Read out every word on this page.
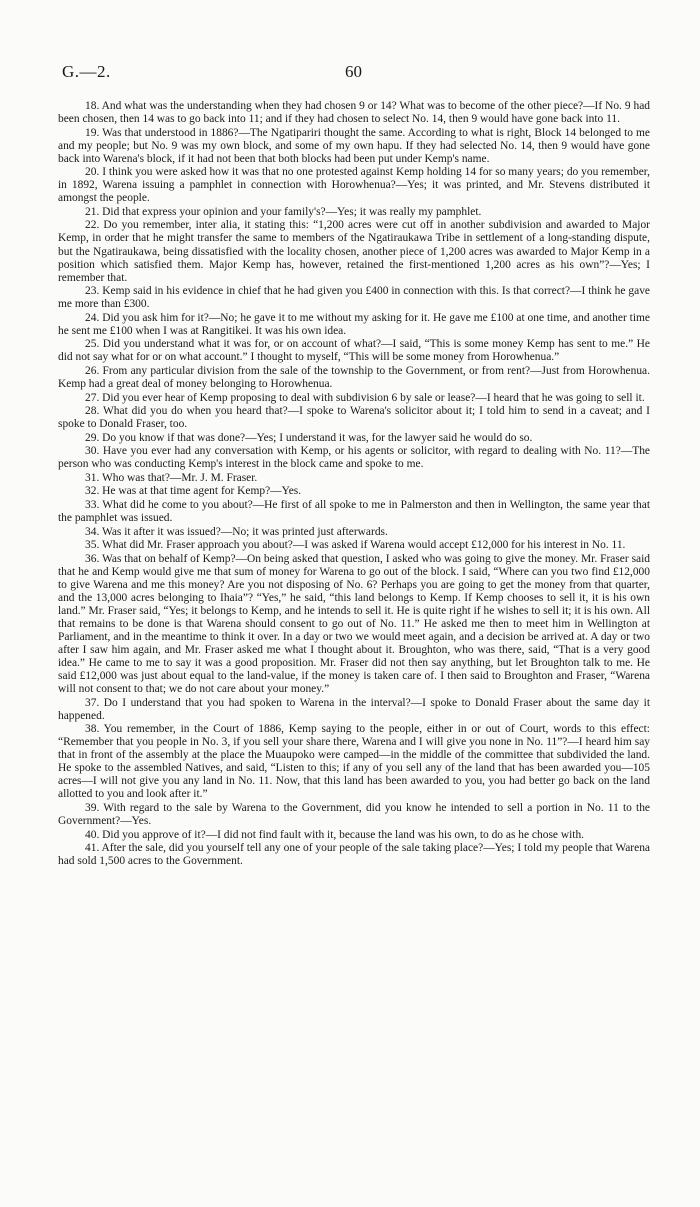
G.—2.	60

18. And what was the understanding when they had chosen 9 or 14? What was to become of the other piece?—If No. 9 had been chosen, then 14 was to go back into 11; and if they had chosen to select No. 14, then 9 would have gone back into 11.

19. Was that understood in 1886?—The Ngatipariri thought the same. According to what is right, Block 14 belonged to me and my people; but No. 9 was my own block, and some of my own hapu. If they had selected No. 14, then 9 would have gone back into Warena's block, if it had not been that both blocks had been put under Kemp's name.

20. I think you were asked how it was that no one protested against Kemp holding 14 for so many years; do you remember, in 1892, Warena issuing a pamphlet in connection with Horowhenua?—Yes; it was printed, and Mr. Stevens distributed it amongst the people.

21. Did that express your opinion and your family's?—Yes; it was really my pamphlet.

22. Do you remember, inter alia, it stating this: “1,200 acres were cut off in another subdivision and awarded to Major Kemp, in order that he might transfer the same to members of the Ngatiraukawa Tribe in settlement of a long-standing dispute, but the Ngatiraukawa, being dissatisfied with the locality chosen, another piece of 1,200 acres was awarded to Major Kemp in a position which satisfied them. Major Kemp has, however, retained the first-mentioned 1,200 acres as his own”?—Yes; I remember that.

23. Kemp said in his evidence in chief that he had given you £400 in connection with this. Is that correct?—I think he gave me more than £300.

24. Did you ask him for it?—No; he gave it to me without my asking for it. He gave me £100 at one time, and another time he sent me £100 when I was at Rangitikei. It was his own idea.

25. Did you understand what it was for, or on account of what?—I said, “This is some money Kemp has sent to me.” He did not say what for or on what account.” I thought to myself, “This will be some money from Horowhenua.”

26. From any particular division from the sale of the township to the Government, or from rent?—Just from Horowhenua. Kemp had a great deal of money belonging to Horowhenua.

27. Did you ever hear of Kemp proposing to deal with subdivision 6 by sale or lease?—I heard that he was going to sell it.

28. What did you do when you heard that?—I spoke to Warena's solicitor about it; I told him to send in a caveat; and I spoke to Donald Fraser, too.

29. Do you know if that was done?—Yes; I understand it was, for the lawyer said he would do so.

30. Have you ever had any conversation with Kemp, or his agents or solicitor, with regard to dealing with No. 11?—The person who was conducting Kemp's interest in the block came and spoke to me.

31. Who was that?—Mr. J. M. Fraser.

32. He was at that time agent for Kemp?—Yes.

33. What did he come to you about?—He first of all spoke to me in Palmerston and then in Wellington, the same year that the pamphlet was issued.

34. Was it after it was issued?—No; it was printed just afterwards.

35. What did Mr. Fraser approach you about?—I was asked if Warena would accept £12,000 for his interest in No. 11.

36. Was that on behalf of Kemp?—On being asked that question, I asked who was going to give the money. Mr. Fraser said that he and Kemp would give me that sum of money for Warena to go out of the block. I said, “Where can you two find £12,000 to give Warena and me this money? Are you not disposing of No. 6? Perhaps you are going to get the money from that quarter, and the 13,000 acres belonging to Ihaia”? “Yes,” he said, “this land belongs to Kemp. If Kemp chooses to sell it, it is his own land.” Mr. Fraser said, “Yes; it belongs to Kemp, and he intends to sell it. He is quite right if he wishes to sell it; it is his own. All that remains to be done is that Warena should consent to go out of No. 11.” He asked me then to meet him in Wellington at Parliament, and in the meantime to think it over. In a day or two we would meet again, and a decision be arrived at. A day or two after I saw him again, and Mr. Fraser asked me what I thought about it. Broughton, who was there, said, “That is a very good idea.” He came to me to say it was a good proposition. Mr. Fraser did not then say anything, but let Broughton talk to me. He said £12,000 was just about equal to the land-value, if the money is taken care of. I then said to Broughton and Fraser, “Warena will not consent to that; we do not care about your money.”

37. Do I understand that you had spoken to Warena in the interval?—I spoke to Donald Fraser about the same day it happened.

38. You remember, in the Court of 1886, Kemp saying to the people, either in or out of Court, words to this effect: “Remember that you people in No. 3, if you sell your share there, Warena and I will give you none in No. 11”?—I heard him say that in front of the assembly at the place the Muaupoko were camped—in the middle of the committee that subdivided the land. He spoke to the assembled Natives, and said, “Listen to this; if any of you sell any of the land that has been awarded you—105 acres—I will not give you any land in No. 11. Now, that this land has been awarded to you, you had better go back on the land allotted to you and look after it.”

39. With regard to the sale by Warena to the Government, did you know he intended to sell a portion in No. 11 to the Government?—Yes.

40. Did you approve of it?—I did not find fault with it, because the land was his own, to do as he chose with.

41. After the sale, did you yourself tell any one of your people of the sale taking place?—Yes; I told my people that Warena had sold 1,500 acres to the Government.
